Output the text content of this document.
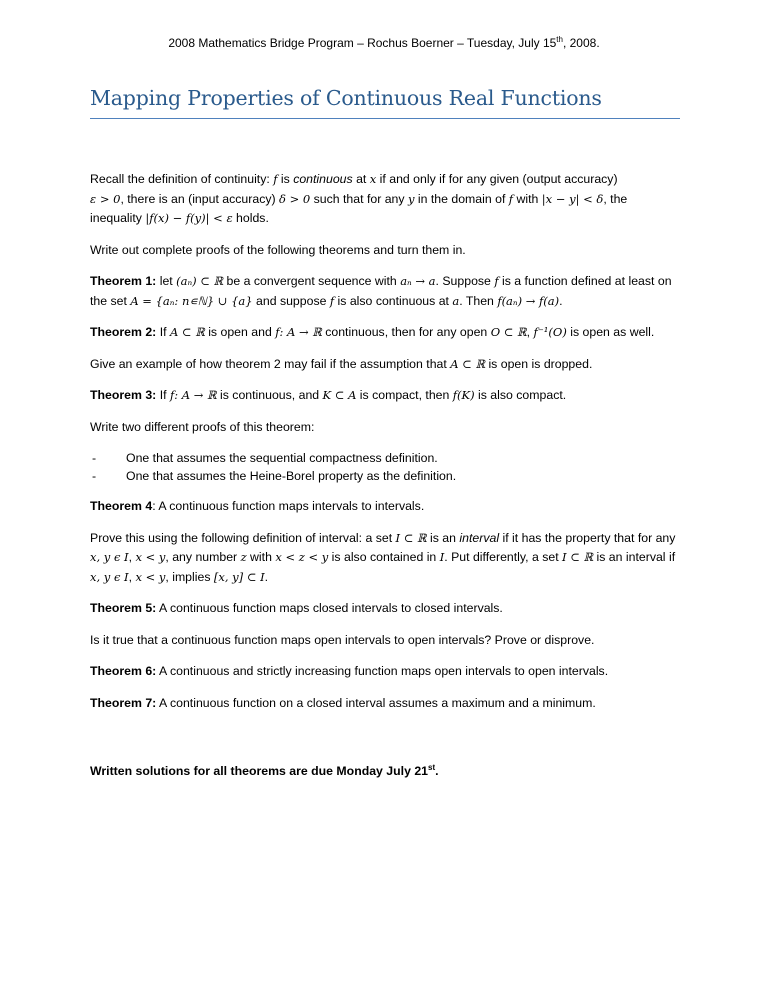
2008 Mathematics Bridge Program – Rochus Boerner – Tuesday, July 15th, 2008.
Mapping Properties of Continuous Real Functions

Recall the definition of continuity: f is continuous at x if and only if for any given (output accuracy)
ε > 0, there is an (input accuracy) δ > 0 such that for any y in the domain of f with |x − y| < δ, the inequality |f(x) − f(y)| < ε holds.

Write out complete proofs of the following theorems and turn them in.

Theorem 1: let (aₙ) ⊂ ℝ be a convergent sequence with aₙ → a. Suppose f is a function defined at least on the set A = {aₙ: n∊ℕ} ∪ {a} and suppose f is also continuous at a. Then f(aₙ) → f(a).

Theorem 2: If A ⊂ ℝ is open and f: A → ℝ continuous, then for any open O ⊂ ℝ, f⁻¹(O) is open as well.

Give an example of how theorem 2 may fail if the assumption that A ⊂ ℝ is open is dropped.

Theorem 3: If f: A → ℝ is continuous, and K ⊂ A is compact, then f(K) is also compact.

Write two different proofs of this theorem:

- One that assumes the sequential compactness definition.
- One that assumes the Heine-Borel property as the definition.

Theorem 4: A continuous function maps intervals to intervals.

Prove this using the following definition of interval: a set I ⊂ ℝ is an interval if it has the property that for any x, y ϵ I, x < y, any number z with x < z < y is also contained in I. Put differently, a set I ⊂ ℝ is an interval if x, y ϵ I, x < y, implies [x, y] ⊂ I.

Theorem 5: A continuous function maps closed intervals to closed intervals.

Is it true that a continuous function maps open intervals to open intervals? Prove or disprove.

Theorem 6: A continuous and strictly increasing function maps open intervals to open intervals.

Theorem 7: A continuous function on a closed interval assumes a maximum and a minimum.

Written solutions for all theorems are due Monday July 21st.
